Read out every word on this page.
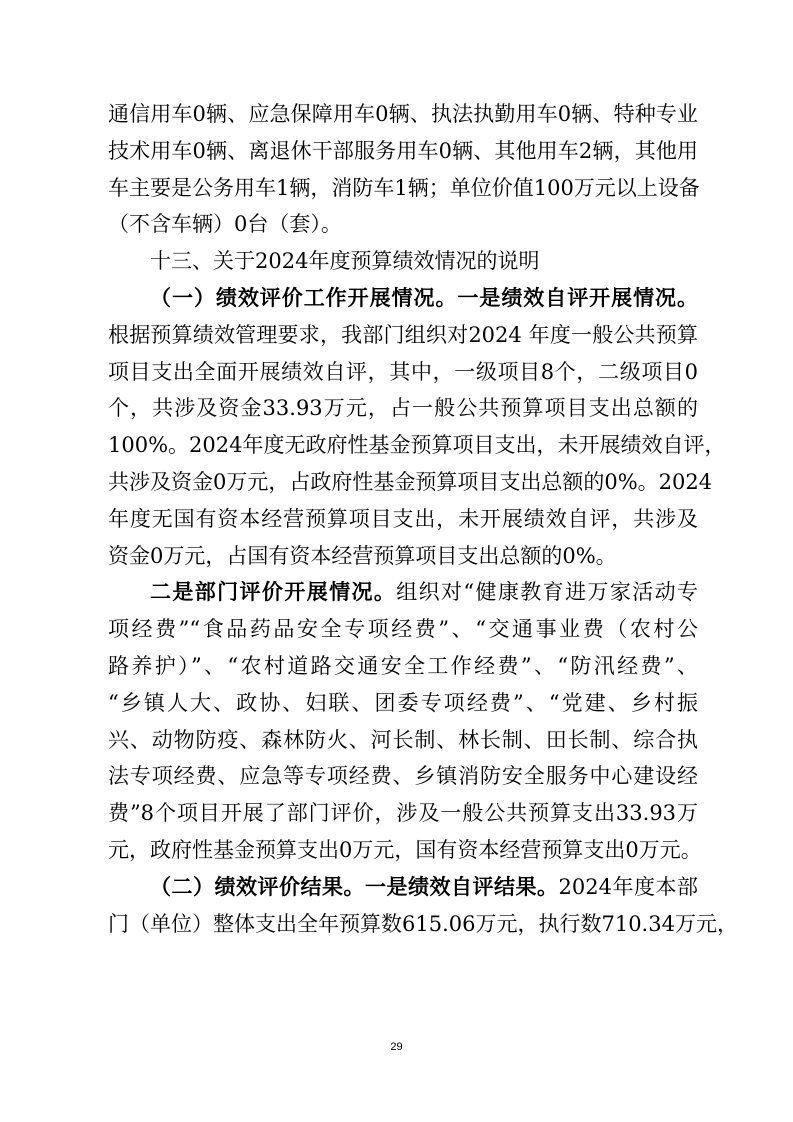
通信用车0辆、应急保障用车0辆、执法执勤用车0辆、特种专业
技术用车0辆、离退休干部服务用车0辆、其他用车2辆，其他用
车主要是公务用车1辆，消防车1辆；单位价值100万元以上设备
（不含车辆）0台（套）。
十三、关于2024年度预算绩效情况的说明
（一）绩效评价工作开展情况。一是绩效自评开展情况。
根据预算绩效管理要求，我部门组织对2024 年度一般公共预算
项目支出全面开展绩效自评，其中，一级项目8个，二级项目0
个，共涉及资金33.93万元，占一般公共预算项目支出总额的
100%。2024年度无政府性基金预算项目支出，未开展绩效自评，
共涉及资金0万元，占政府性基金预算项目支出总额的0%。2024
年度无国有资本经营预算项目支出，未开展绩效自评，共涉及
资金0万元，占国有资本经营预算项目支出总额的0%。
二是部门评价开展情况。组织对“健康教育进万家活动专
项经费”“食品药品安全专项经费”、“交通事业费（农村公
路养护）”、“农村道路交通安全工作经费”、“防汛经费”、
“乡镇人大、政协、妇联、团委专项经费”、“党建、乡村振
兴、动物防疫、森林防火、河长制、林长制、田长制、综合执
法专项经费、应急等专项经费、乡镇消防安全服务中心建设经
费”8个项目开展了部门评价，涉及一般公共预算支出33.93万
元，政府性基金预算支出0万元，国有资本经营预算支出0万元。
（二）绩效评价结果。一是绩效自评结果。2024年度本部
门（单位）整体支出全年预算数615.06万元，执行数710.34万元，
29
